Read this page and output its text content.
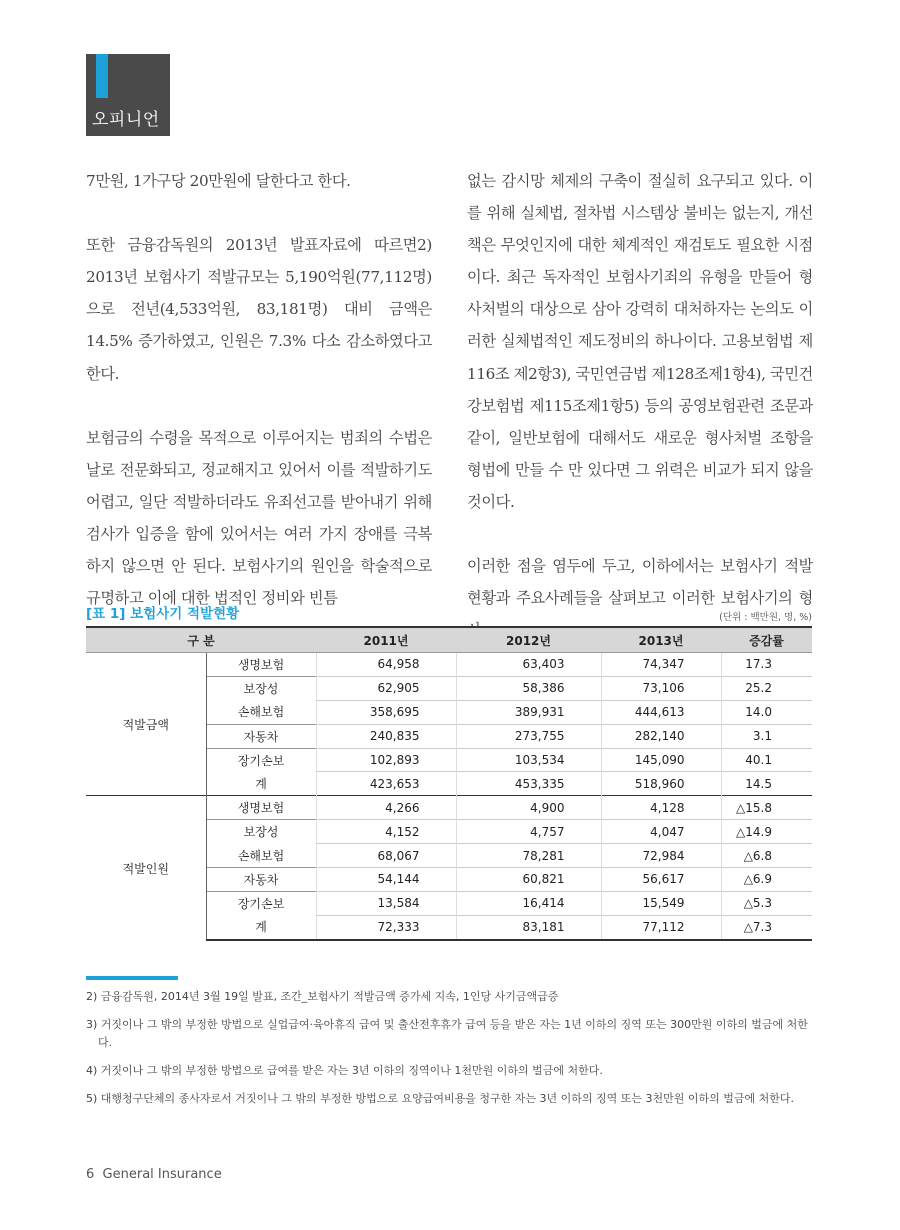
오피니언

7만원, 1가구당 20만원에 달한다고 한다.

또한 금융감독원의 2013년 발표자료에 따르면2) 2013년 보험사기 적발규모는 5,190억원(77,112명)으로 전년(4,533억원, 83,181명) 대비 금액은 14.5% 증가하였고, 인원은 7.3% 다소 감소하였다고 한다.

보험금의 수령을 목적으로 이루어지는 범죄의 수법은 날로 전문화되고, 정교해지고 있어서 이를 적발하기도 어렵고, 일단 적발하더라도 유죄선고를 받아내기 위해 검사가 입증을 함에 있어서는 여러 가지 장애를 극복하지 않으면 안 된다. 보험사기의 원인을 학술적으로 규명하고 이에 대한 법적인 정비와 빈틈

없는 감시망 체제의 구축이 절실히 요구되고 있다. 이를 위해 실체법, 절차법 시스템상 불비는 없는지, 개선책은 무엇인지에 대한 체계적인 재검토도 필요한 시점이다. 최근 독자적인 보험사기죄의 유형을 만들어 형사처벌의 대상으로 삼아 강력히 대처하자는 논의도 이러한 실체법적인 제도정비의 하나이다. 고용보험법 제116조 제2항3), 국민연금법 제128조제1항4), 국민건강보험법 제115조제1항5) 등의 공영보험관련 조문과 같이, 일반보험에 대해서도 새로운 형사처벌 조항을 형법에 만들 수 만 있다면 그 위력은 비교가 되지 않을 것이다.

이러한 점을 염두에 두고, 이하에서는 보험사기 적발현황과 주요사례들을 살펴보고 이러한 보험사기의 형

[표 1] 보험사기 적발현황	(단위 : 백만원, 명, %)
구 분		2011년	2012년	2013년	증감률
적발금액	생명보험	64,958	63,403	74,347	17.3
	보장성	62,905	58,386	73,106	25.2
	손해보험	358,695	389,931	444,613	14.0
	자동차	240,835	273,755	282,140	3.1
	장기손보	102,893	103,534	145,090	40.1
	계	423,653	453,335	518,960	14.5
적발인원	생명보험	4,266	4,900	4,128	△15.8
	보장성	4,152	4,757	4,047	△14.9
	손해보험	68,067	78,281	72,984	△6.8
	자동차	54,144	60,821	56,617	△6.9
	장기손보	13,584	16,414	15,549	△5.3
	계	72,333	83,181	77,112	△7.3

2) 금융감독원, 2014년 3월 19일 발표, 조간_보험사기 적발금액 증가세 지속, 1인당 사기금액급증

3) 거짓이나 그 밖의 부정한 방법으로 실업급여·육아휴직 급여 및 출산전후휴가 급여 등을 받은 자는 1년 이하의 징역 또는 300만원 이하의 벌금에 처한다.

4) 거짓이나 그 밖의 부정한 방법으로 급여를 받은 자는 3년 이하의 징역이나 1천만원 이하의 벌금에 처한다.

5) 대행청구단체의 종사자로서 거짓이나 그 밖의 부정한 방법으로 요양급여비용을 청구한 자는 3년 이하의 징역 또는 3천만원 이하의 벌금에 처한다.

6 General Insurance
